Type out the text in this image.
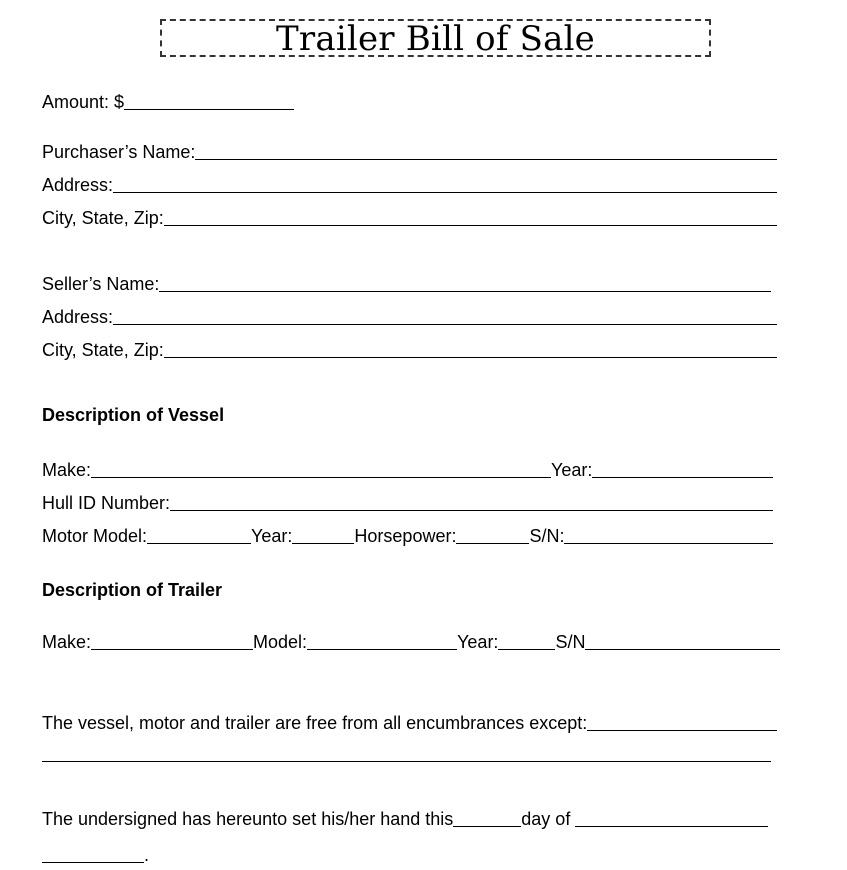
Trailer Bill of Sale
Amount: $
Purchaser’s Name:
Address:
City, State, Zip:
Seller’s Name:
Address:
City, State, Zip:
Description of Vessel
Make:	Year:
Hull ID Number:
Motor Model:	Year:	Horsepower:	S/N:
Description of Trailer
Make:	Model:	Year:	S/N
The vessel, motor and trailer are free from all encumbrances except:
The undersigned has hereunto set his/her hand this	day of
.
